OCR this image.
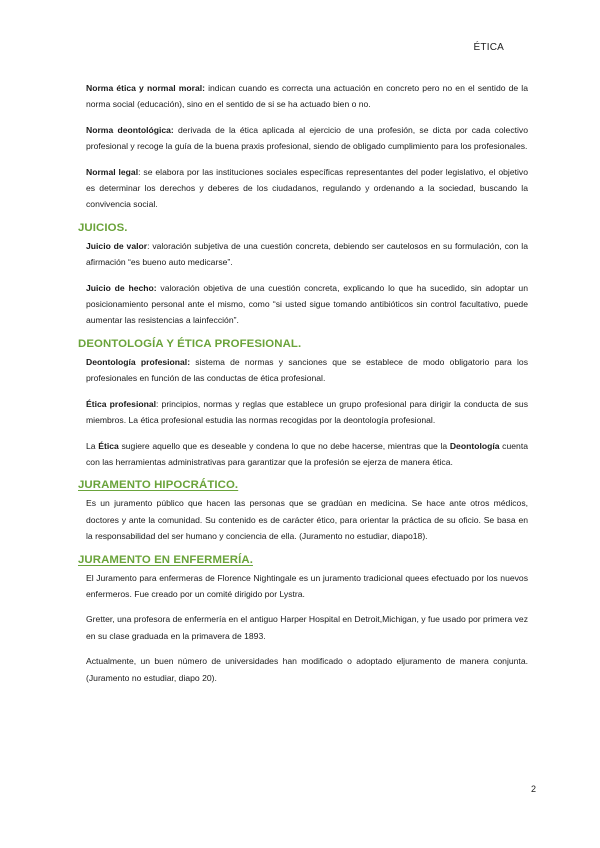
ÉTICA

Norma ética y normal moral: indican cuando es correcta una actuación en concreto pero no en el sentido de la norma social (educación), sino en el sentido de si se ha actuado bien o no.

Norma deontológica: derivada de la ética aplicada al ejercicio de una profesión, se dicta por cada colectivo profesional y recoge la guía de la buena praxis profesional, siendo de obligado cumplimiento para los profesionales.

Normal legal: se elabora por las instituciones sociales específicas representantes del poder legislativo, el objetivo es determinar los derechos y deberes de los ciudadanos, regulando y ordenando a la sociedad, buscando la convivencia social.

JUICIOS.

Juicio de valor: valoración subjetiva de una cuestión concreta, debiendo ser cautelosos en su formulación, con la afirmación “es bueno auto medicarse”.

Juicio de hecho: valoración objetiva de una cuestión concreta, explicando lo que ha sucedido, sin adoptar un posicionamiento personal ante el mismo, como “si usted sigue tomando antibióticos sin control facultativo, puede aumentar las resistencias a lainfección”.

DEONTOLOGÍA Y ÉTICA PROFESIONAL.

Deontología profesional: sistema de normas y sanciones que se establece de modo obligatorio para los profesionales en función de las conductas de ética profesional.

Ética profesional: principios, normas y reglas que establece un grupo profesional para dirigir la conducta de sus miembros. La ética profesional estudia las normas recogidas por la deontología profesional.

La Ética sugiere aquello que es deseable y condena lo que no debe hacerse, mientras que la Deontología cuenta con las herramientas administrativas para garantizar que la profesión se ejerza de manera ética.

JURAMENTO HIPOCRÁTICO.

Es un juramento público que hacen las personas que se gradúan en medicina. Se hace ante otros médicos, doctores y ante la comunidad. Su contenido es de carácter ético, para orientar la práctica de su oficio. Se basa en la responsabilidad del ser humano y conciencia de ella. (Juramento no estudiar, diapo18).

JURAMENTO EN ENFERMERÍA.

El Juramento para enfermeras de Florence Nightingale es un juramento tradicional quees efectuado por los nuevos enfermeros. Fue creado por un comité dirigido por Lystra.

Gretter, una profesora de enfermería en el antiguo Harper Hospital en Detroit,Michigan, y fue usado por primera vez en su clase graduada en la primavera de 1893.

Actualmente, un buen número de universidades han modificado o adoptado eljuramento de manera conjunta. (Juramento no estudiar, diapo 20).

2
